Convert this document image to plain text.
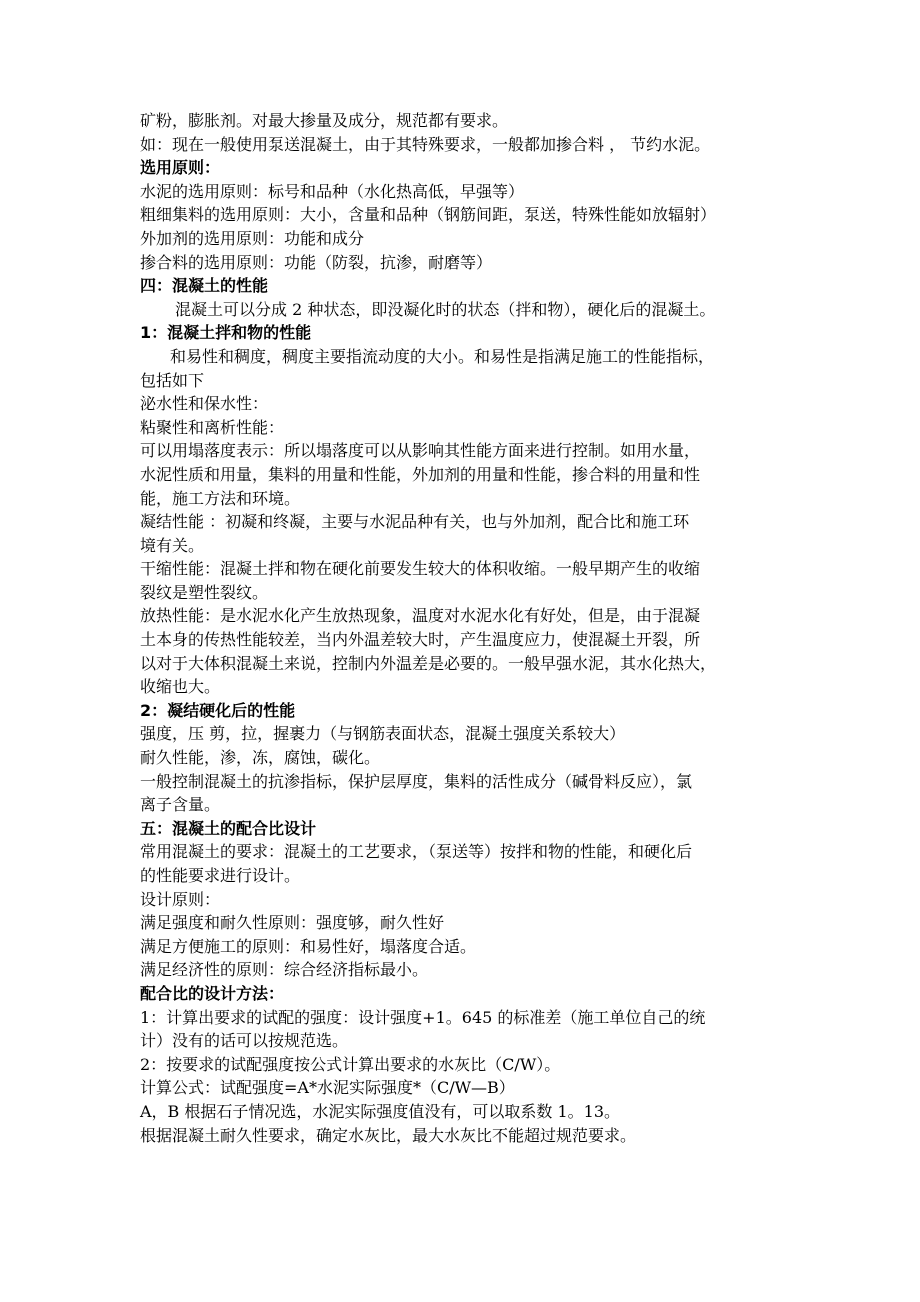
矿粉，膨胀剂。对最大掺量及成分，规范都有要求。
如：现在一般使用泵送混凝土，由于其特殊要求，一般都加掺合料 ， 节约水泥。
选用原则：
水泥的选用原则：标号和品种（水化热高低，早强等）
粗细集料的选用原则：大小，含量和品种（钢筋间距，泵送，特殊性能如放辐射）
外加剂的选用原则：功能和成分
掺合料的选用原则：功能（防裂，抗渗，耐磨等）
四：混凝土的性能
混凝土可以分成 2 种状态，即没凝化时的状态（拌和物），硬化后的混凝土。
1：混凝土拌和物的性能
和易性和稠度，稠度主要指流动度的大小。和易性是指满足施工的性能指标，
包括如下
泌水性和保水性：
粘聚性和离析性能：
可以用塌落度表示：所以塌落度可以从影响其性能方面来进行控制。如用水量，
水泥性质和用量，集料的用量和性能，外加剂的用量和性能，掺合料的用量和性
能，施工方法和环境。
凝结性能 ：初凝和终凝，主要与水泥品种有关，也与外加剂，配合比和施工环
境有关。
干缩性能：混凝土拌和物在硬化前要发生较大的体积收缩。一般早期产生的收缩
裂纹是塑性裂纹。
放热性能：是水泥水化产生放热现象，温度对水泥水化有好处，但是，由于混凝
土本身的传热性能较差，当内外温差较大时，产生温度应力，使混凝土开裂，所
以对于大体积混凝土来说，控制内外温差是必要的。一般早强水泥，其水化热大，
收缩也大。
2：凝结硬化后的性能
强度，压 剪，拉，握裹力（与钢筋表面状态，混凝土强度关系较大）
耐久性能，渗，冻，腐蚀，碳化。
一般控制混凝土的抗渗指标，保护层厚度，集料的活性成分（碱骨料反应），氯
离子含量。
五：混凝土的配合比设计
常用混凝土的要求：混凝土的工艺要求，（泵送等）按拌和物的性能，和硬化后
的性能要求进行设计。
设计原则：
满足强度和耐久性原则：强度够，耐久性好
满足方便施工的原则：和易性好，塌落度合适。
满足经济性的原则：综合经济指标最小。
配合比的设计方法：
1：计算出要求的试配的强度：设计强度+1。645 的标准差（施工单位自己的统
计）没有的话可以按规范选。
2：按要求的试配强度按公式计算出要求的水灰比（C/W）。
计算公式：试配强度=A*水泥实际强度*（C/W—B）
A，B 根据石子情况选，水泥实际强度值没有，可以取系数 1。13。
根据混凝土耐久性要求，确定水灰比，最大水灰比不能超过规范要求。
